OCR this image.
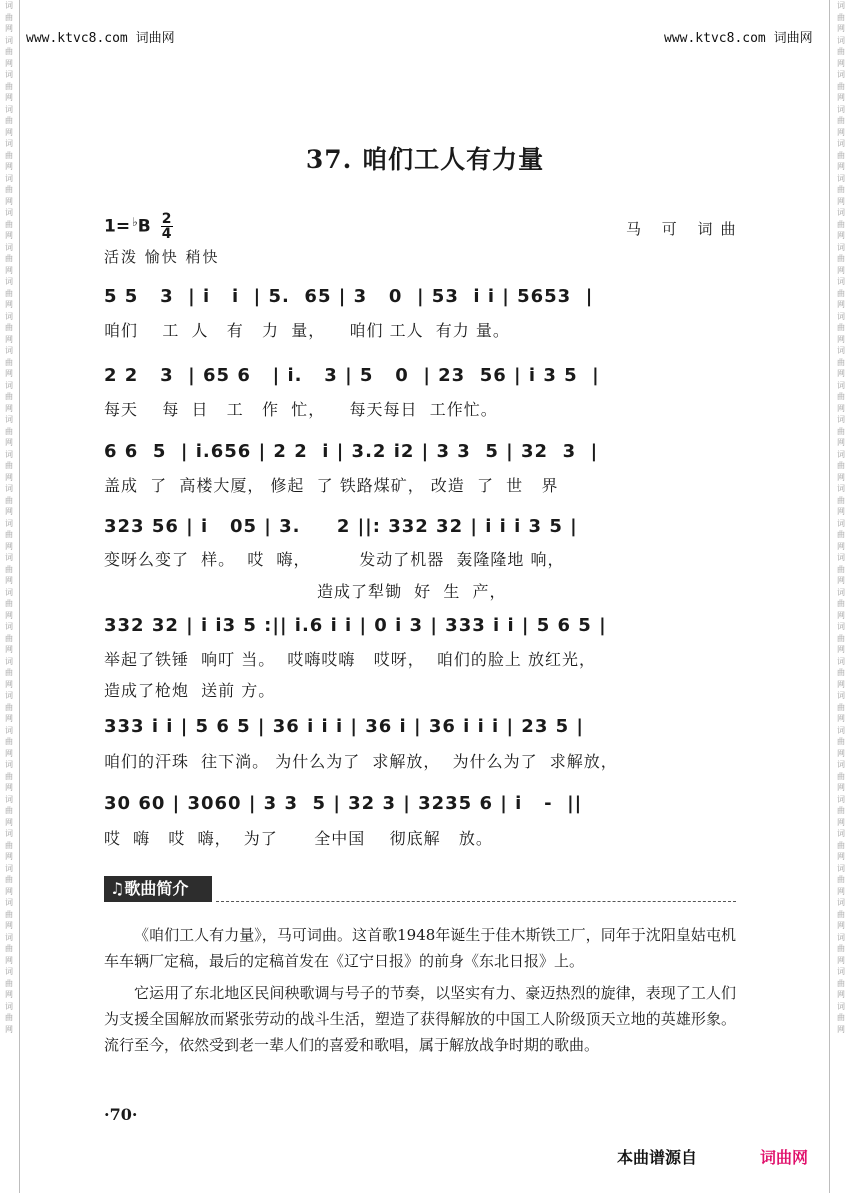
词曲网词曲网词曲网词曲网词曲网词曲网词曲网词曲网词曲网词曲网词曲网词曲网词曲网词曲网词曲网词曲网词曲网词曲网词曲网词曲网词曲网词曲网词曲网词曲网词曲网词曲网词曲网词曲网词曲网词曲网
词曲网词曲网词曲网词曲网词曲网词曲网词曲网词曲网词曲网词曲网词曲网词曲网词曲网词曲网词曲网词曲网词曲网词曲网词曲网词曲网词曲网词曲网词曲网词曲网词曲网词曲网词曲网词曲网词曲网词曲网
www.ktvc8.com 词曲网	www.ktvc8.com 词曲网
37. 咱们工人有力量
$1= ^♭B \frac{2}{4}$	马 可 词曲
活泼 愉快 稍快
5 5   3  | i   i  | 5.  65 | 3   0  | 53  i i | 5653  |
咱们    工  人   有   力  量，    咱们 工人  有力 量。
2 2   3  | 65 6   | i.   3 | 5   0  | 23  56 | i 3 5  |
每天    每  日   工   作  忙，    每天每日  工作忙。
6 6  5  | i.656 | 2 2  i | 3.2 i2 | 3 3  5 | 32  3  |
盖成  了  高楼大厦， 修起  了 铁路煤矿， 改造  了  世   界
323 56 | i   05 | 3.     2 ||: 332 32 | i i i 3 5 |
变呀么变了  样。  哎  嗨，        发动了机器  轰隆隆地 响，
造成了犁锄  好  生  产，
332 32 | i i3 5 :|| i.6 i i | 0 i 3 | 333 i i | 5 6 5 |
举起了铁锤  响叮 当。  哎嗨哎嗨   哎呀，  咱们的脸上 放红光，
造成了枪炮  送前 方。
333 i i | 5 6 5 | 36 i i i | 36 i | 36 i i i | 23 5 |
咱们的汗珠  往下淌。 为什么为了  求解放，  为什么为了  求解放，
30 60 | 3060 | 3 3  5 | 32 3 | 3235 6 | i   -  ||
哎  嗨   哎  嗨，  为了      全中国    彻底解   放。
♫歌曲简介
《咱们工人有力量》，马可词曲。这首歌1948年诞生于佳木斯铁工厂，同年于沈阳皇姑屯机车车辆厂定稿，最后的定稿首发在《辽宁日报》的前身《东北日报》上。
它运用了东北地区民间秧歌调与号子的节奏，以坚实有力、豪迈热烈的旋律，表现了工人们为支援全国解放而紧张劳动的战斗生活，塑造了获得解放的中国工人阶级顶天立地的英雄形象。流行至今，依然受到老一辈人们的喜爱和歌唱，属于解放战争时期的歌曲。
·70·
本曲谱源自	词曲网
